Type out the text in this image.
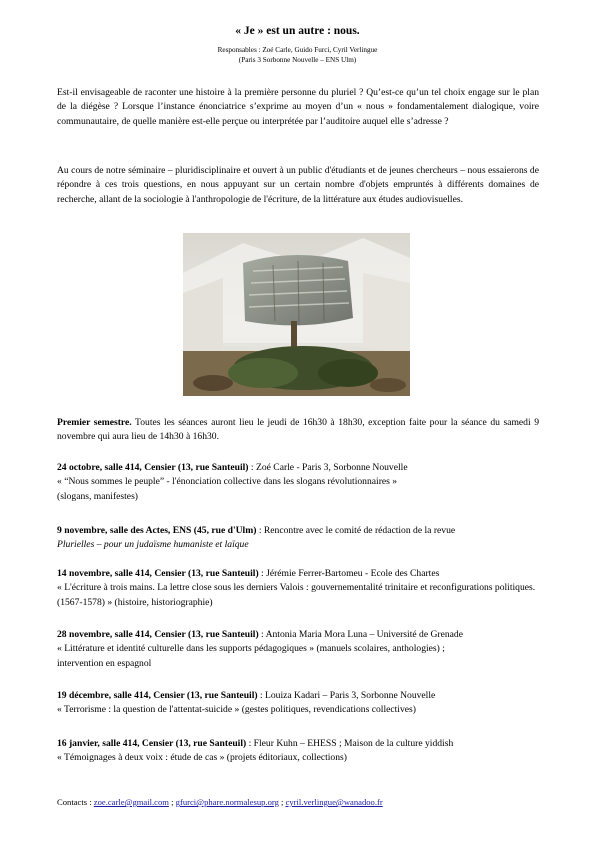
« Je » est un autre : nous.
Responsables : Zoé Carle, Guido Furci, Cyril Verlingue
(Paris 3 Sorbonne Nouvelle – ENS Ulm)

Est-il envisageable de raconter une histoire à la première personne du pluriel ? Qu’est-ce qu’un tel choix engage sur le plan de la diégèse ? Lorsque l’instance énonciatrice s’exprime au moyen d’un « nous » fondamentalement dialogique, voire communautaire, de quelle manière est-elle perçue ou interprétée par l’auditoire auquel elle s’adresse ?

Au cours de notre séminaire – pluridisciplinaire et ouvert à un public d'étudiants et de jeunes chercheurs – nous essaierons de répondre à ces trois questions, en nous appuyant sur un certain nombre d'objets empruntés à différents domaines de recherche, allant de la sociologie à l'anthropologie de l'écriture, de la littérature aux études audiovisuelles.

Premier semestre. Toutes les séances auront lieu le jeudi de 16h30 à 18h30, exception faite pour la séance du samedi 9 novembre qui aura lieu de 14h30 à 16h30.

24 octobre, salle 414, Censier (13, rue Santeuil) : Zoé Carle - Paris 3, Sorbonne Nouvelle
« “Nous sommes le peuple” - l'énonciation collective dans les slogans révolutionnaires »
(slogans, manifestes)
9 novembre, salle des Actes, ENS (45, rue d'Ulm) : Rencontre avec le comité de rédaction de la revue
Plurielles – pour un judaïsme humaniste et laïque
14 novembre, salle 414, Censier (13, rue Santeuil) : Jérémie Ferrer-Bartomeu - Ecole des Chartes
« L'écriture à trois mains. La lettre close sous les derniers Valois : gouvernementalité trinitaire et reconfigurations politiques. (1567-1578) » (histoire, historiographie)
28 novembre, salle 414, Censier (13, rue Santeuil) : Antonia Maria Mora Luna – Université de Grenade
« Littérature et identité culturelle dans les supports pédagogiques » (manuels scolaires, anthologies) ;
intervention en espagnol
19 décembre, salle 414, Censier (13, rue Santeuil) : Louiza Kadari – Paris 3, Sorbonne Nouvelle
« Terrorisme : la question de l'attentat-suicide » (gestes politiques, revendications collectives)
16 janvier, salle 414, Censier (13, rue Santeuil) : Fleur Kuhn – EHESS ; Maison de la culture yiddish
« Témoignages à deux voix : étude de cas » (projets éditoriaux, collections)
Contacts : zoe.carle@gmail.com ; gfurci@phare.normalesup.org ; cyril.verlingue@wanadoo.fr
